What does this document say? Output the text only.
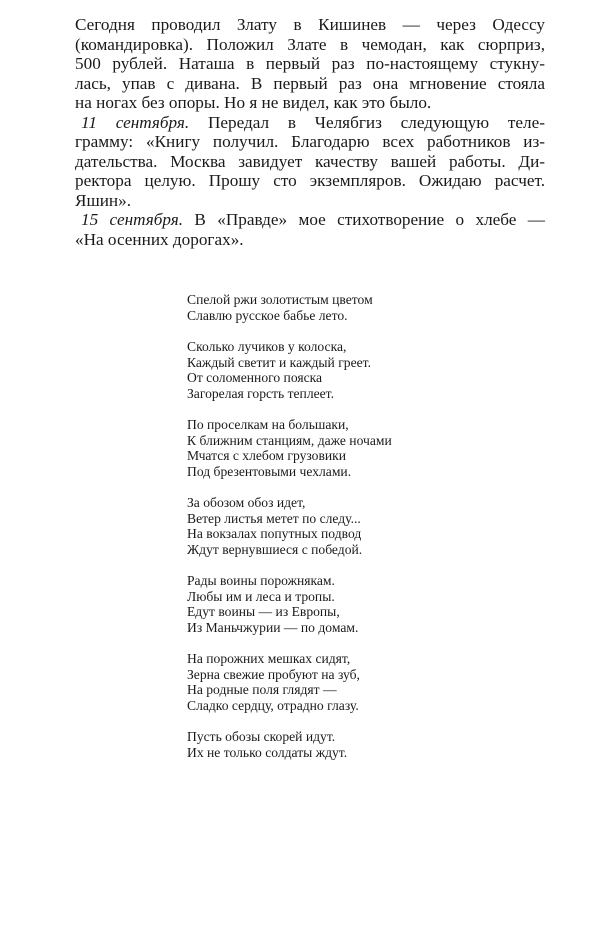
Сегодня проводил Злату в Кишинев — через Одессу
(командировка). Положил Злате в чемодан, как сюрприз,
500 рублей. Наташа в первый раз по-настоящему стукну-
лась, упав с дивана. В первый раз она мгновение стояла
на ногах без опоры. Но я не видел, как это было.

11 сентября. Передал в Челябгиз следующую теле-
грамму: «Книгу получил. Благодарю всех работников из-
дательства. Москва завидует качеству вашей работы. Ди-
ректора целую. Прошу сто экземпляров. Ожидаю расчет.
Яшин».

15 сентября. В «Правде» мое стихотворение о хлебе —
«На осенних дорогах».

Спелой ржи золотистым цветом
Славлю русское бабье лето.
Сколько лучиков у колоска,
Каждый светит и каждый греет.
От соломенного пояска
Загорелая горсть теплеет.
По проселкам на большаки,
К ближним станциям, даже ночами
Мчатся с хлебом грузовики
Под брезентовыми чехлами.
За обозом обоз идет,
Ветер листья метет по следу...
На вокзалах попутных подвод
Ждут вернувшиеся с победой.
Рады воины порожнякам.
Любы им и леса и тропы.
Едут воины — из Европы,
Из Маньчжурии — по домам.
На порожних мешках сидят,
Зерна свежие пробуют на зуб,
На родные поля глядят —
Сладко сердцу, отрадно глазу.
Пусть обозы скорей идут.
Их не только солдаты ждут.
